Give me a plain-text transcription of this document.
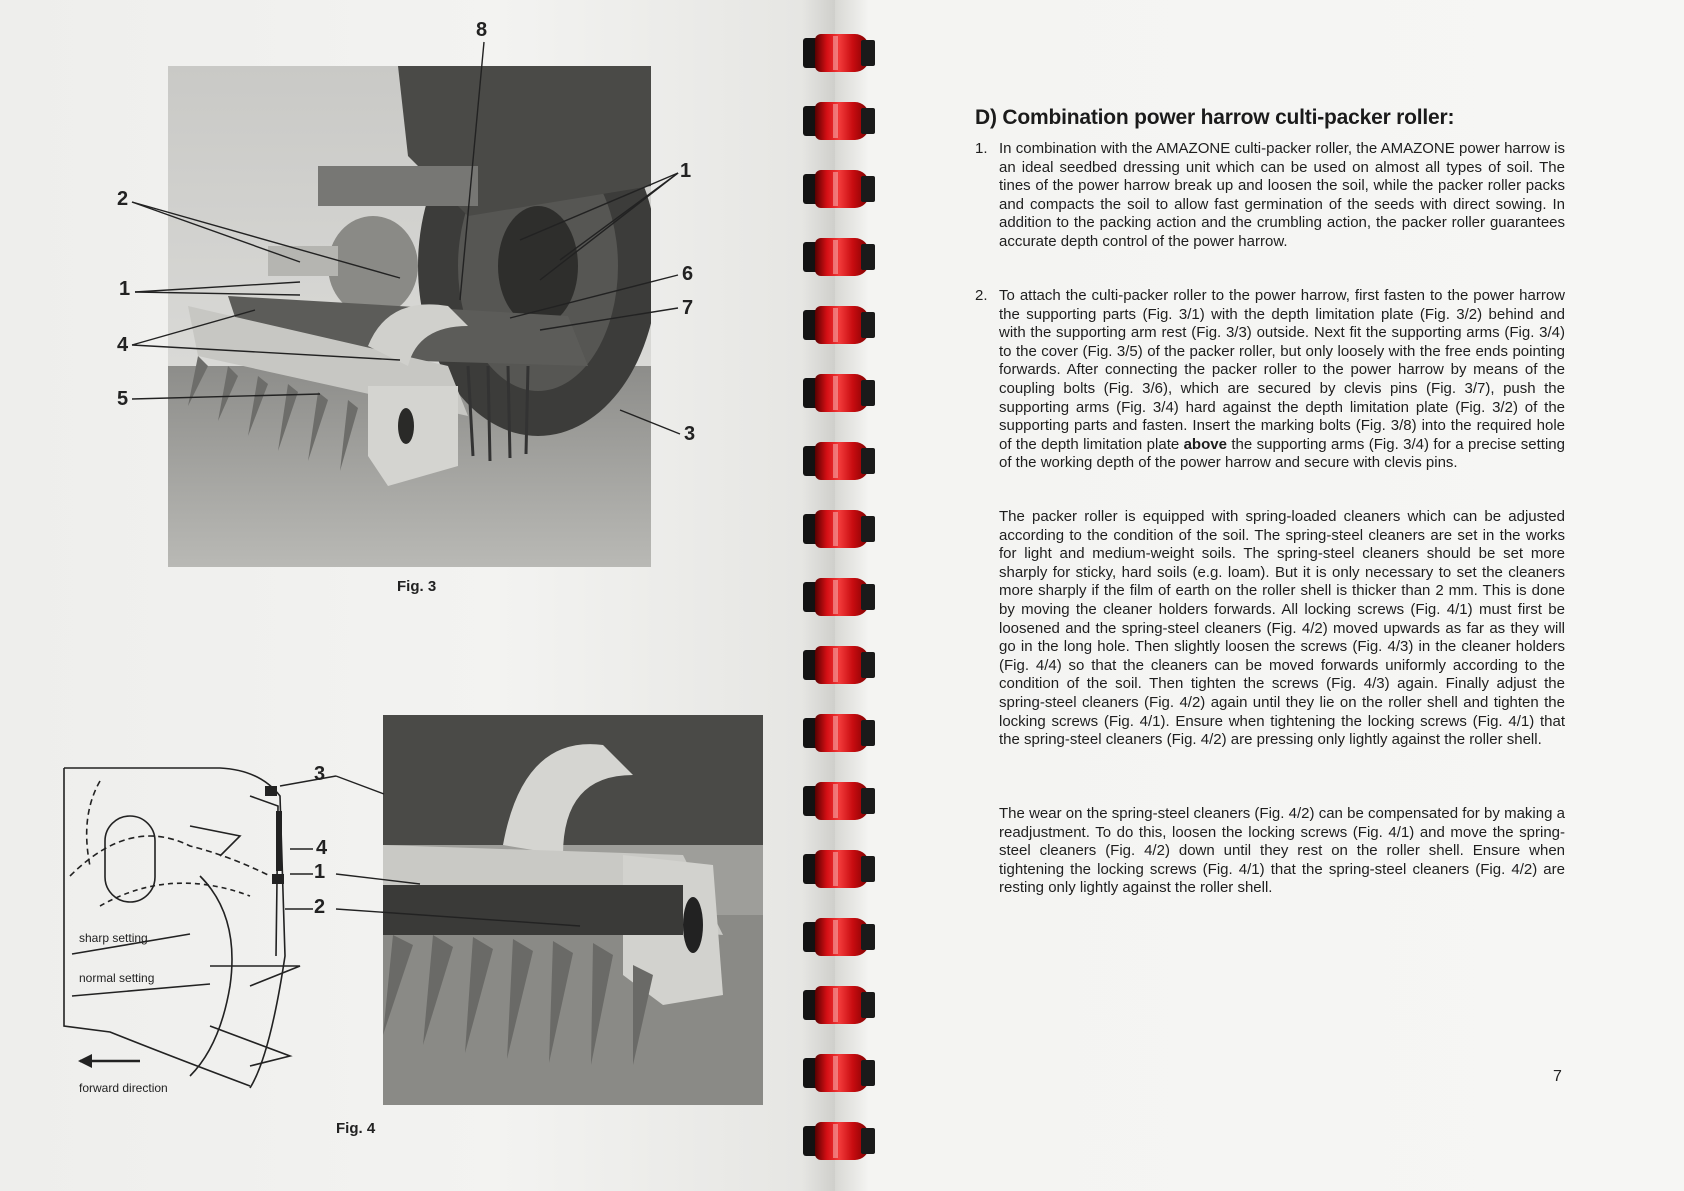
Fig. 3
8
2
1
4
5
1
6
7
3
sharp setting
normal setting
forward direction
Fig. 4
3
4
1
2
D) Combination power harrow culti-packer roller:
1. In combination with the AMAZONE culti-packer roller, the AMAZONE power harrow is an ideal seedbed dressing unit which can be used on almost all types of soil. The tines of the power harrow break up and loosen the soil, while the packer roller packs and compacts the soil to allow fast germination of the seeds with direct sowing. In addition to the packing action and the crumbling action, the packer roller guarantees accurate depth control of the power harrow.
2. To attach the culti-packer roller to the power harrow, first fasten to the power harrow the supporting parts (Fig. 3/1) with the depth limitation plate (Fig. 3/2) behind and with the supporting arm rest (Fig. 3/3) outside. Next fit the supporting arms (Fig. 3/4) to the cover (Fig. 3/5) of the packer roller, but only loosely with the free ends pointing forwards. After connecting the packer roller to the power harrow by means of the coupling bolts (Fig. 3/6), which are secured by clevis pins (Fig. 3/7), push the supporting arms (Fig. 3/4) hard against the depth limitation plate (Fig. 3/2) of the supporting parts and fasten. Insert the marking bolts (Fig. 3/8) into the required hole of the depth limitation plate above the supporting arms (Fig. 3/4) for a precise setting of the working depth of the power harrow and secure with clevis pins.
The packer roller is equipped with spring-loaded cleaners which can be adjusted according to the condition of the soil. The spring-steel cleaners are set in the works for light and medium-weight soils. The spring-steel cleaners should be set more sharply for sticky, hard soils (e.g. loam). But it is only necessary to set the cleaners more sharply if the film of earth on the roller shell is thicker than 2 mm. This is done by moving the cleaner holders forwards. All locking screws (Fig. 4/1) must first be loosened and the spring-steel cleaners (Fig. 4/2) moved upwards as far as they will go in the long hole. Then slightly loosen the screws (Fig. 4/3) in the cleaner holders (Fig. 4/4) so that the cleaners can be moved forwards uniformly according to the condition of the soil. Then tighten the screws (Fig. 4/3) again. Finally adjust the spring-steel cleaners (Fig. 4/2) again until they lie on the roller shell and tighten the locking screws (Fig. 4/1). Ensure when tightening the locking screws (Fig. 4/1) that the spring-steel cleaners (Fig. 4/2) are pressing only lightly against the roller shell.
The wear on the spring-steel cleaners (Fig. 4/2) can be compensated for by making a readjustment. To do this, loosen the locking screws (Fig. 4/1) and move the spring-steel cleaners (Fig. 4/2) down until they rest on the roller shell. Ensure when tightening the locking screws (Fig. 4/1) that the spring-steel cleaners (Fig. 4/2) are resting only lightly against the roller shell.
7
